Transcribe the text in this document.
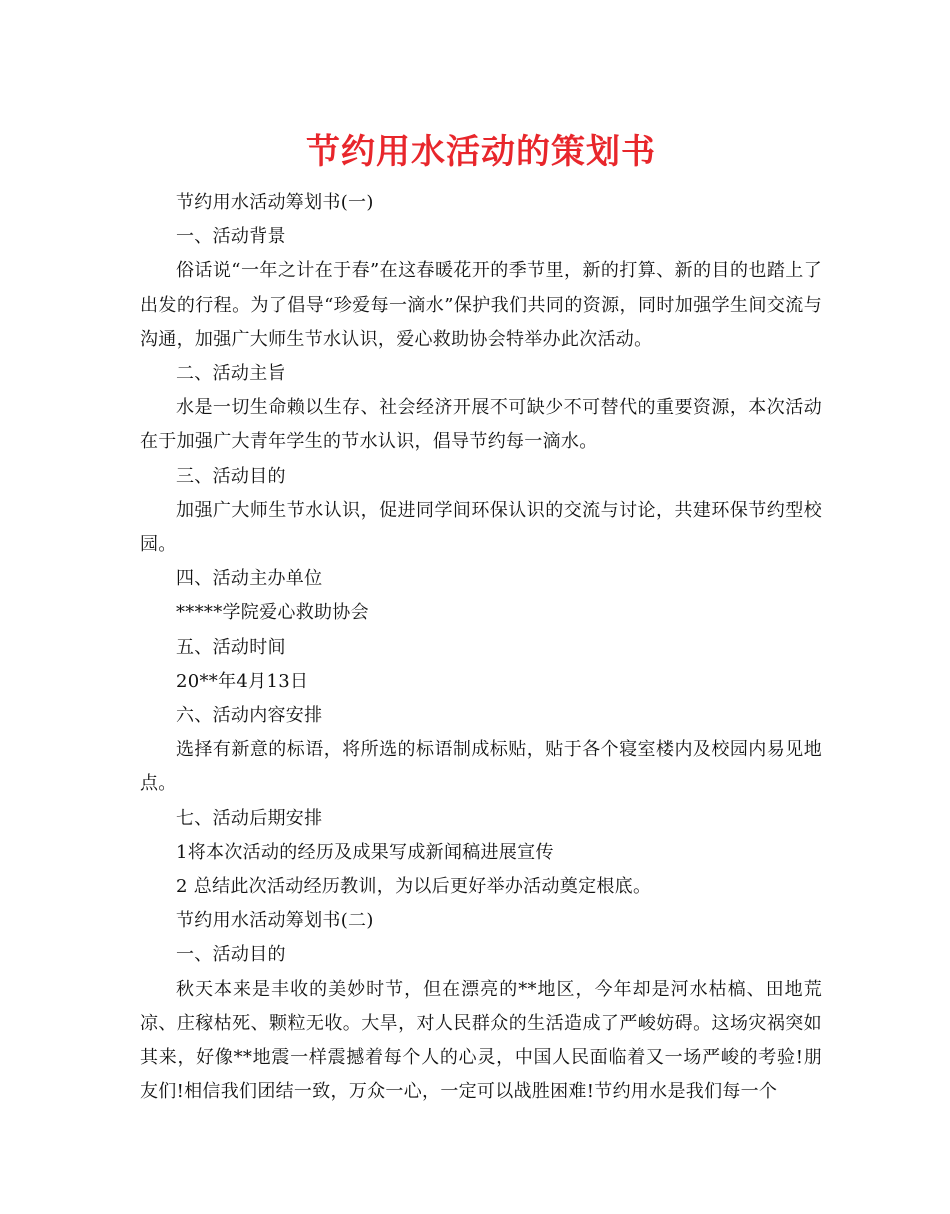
节约用水活动的策划书

节约用水活动筹划书(一)

一、活动背景

俗话说“一年之计在于春”在这春暖花开的季节里，新的打算、新的目的也踏上了出发的行程。为了倡导“珍爱每一滴水”保护我们共同的资源，同时加强学生间交流与沟通，加强广大师生节水认识，爱心救助协会特举办此次活动。

二、活动主旨

水是一切生命赖以生存、社会经济开展不可缺少不可替代的重要资源，本次活动在于加强广大青年学生的节水认识，倡导节约每一滴水。

三、活动目的

加强广大师生节水认识，促进同学间环保认识的交流与讨论，共建环保节约型校园。

四、活动主办单位

*****学院爱心救助协会

五、活动时间

20**年4月13日

六、活动内容安排

选择有新意的标语，将所选的标语制成标贴，贴于各个寝室楼内及校园内易见地点。

七、活动后期安排

1将本次活动的经历及成果写成新闻稿进展宣传

2 总结此次活动经历教训，为以后更好举办活动奠定根底。

节约用水活动筹划书(二)

一、活动目的

秋天本来是丰收的美妙时节，但在漂亮的**地区，今年却是河水枯槁、田地荒凉、庄稼枯死、颗粒无收。大旱，对人民群众的生活造成了严峻妨碍。这场灾祸突如其来，好像**地震一样震撼着每个人的心灵，中国人民面临着又一场严峻的考验!朋友们!相信我们团结一致，万众一心，一定可以战胜困难!节约用水是我们每一个
